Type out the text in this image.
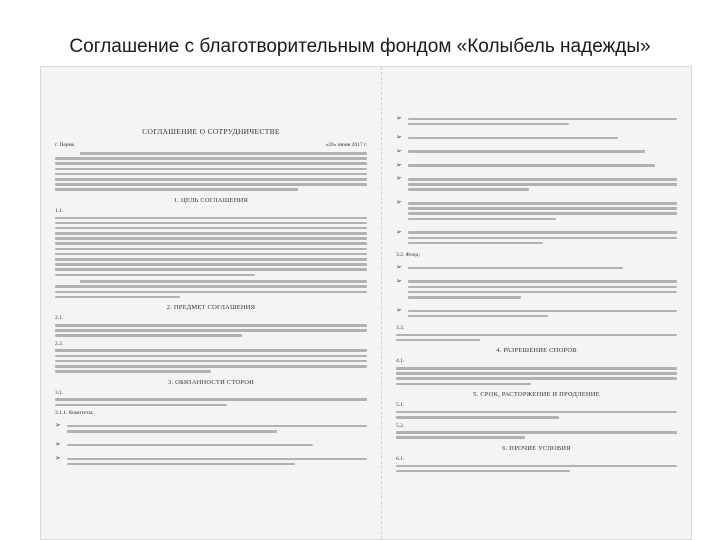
Соглашение с благотворительным фондом «Колыбель надежды»
СОГЛАШЕНИЕ О СОТРУДНИЧЕСТВЕ
г. Пермь	«20» июня 2017 г.
1. ЦЕЛЬ СОГЛАШЕНИЯ
1.1.
2. ПРЕДМЕТ СОГЛАШЕНИЯ
2.1.
2.2.
3. ОБЯЗАННОСТИ СТОРОН
3.1.
3.1.1. Комитеты:
➢
➢
➢
➢
➢
➢
➢
➢
➢
➢
3.2. Фонд:
➢
➢
➢
3.3.
4. РАЗРЕШЕНИЕ СПОРОВ
4.1.
5. СРОК, РАСТОРЖЕНИЕ И ПРОДЛЕНИЕ
5.1.
5.2.
6. ПРОЧИЕ УСЛОВИЯ
6.1.
